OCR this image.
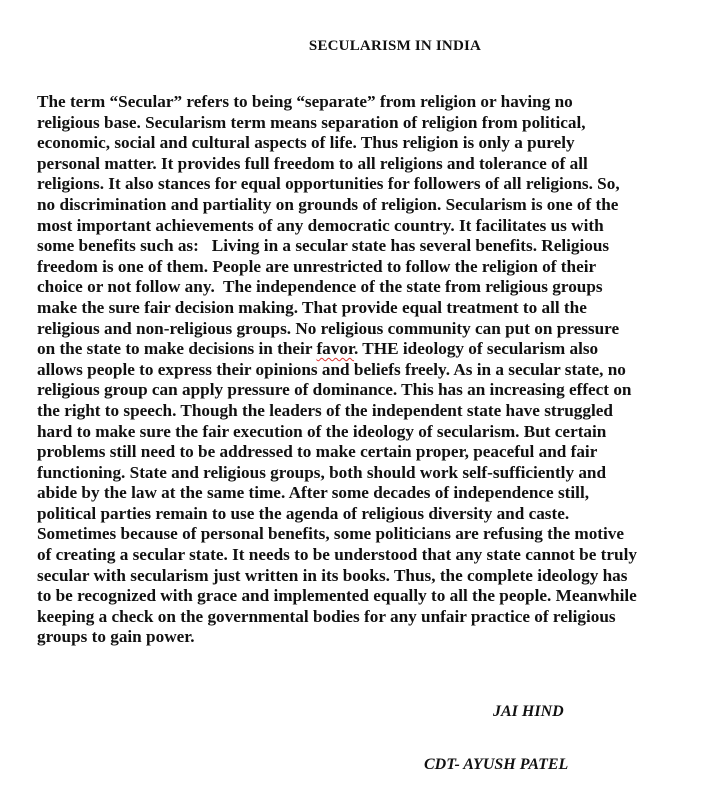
SECULARISM IN INDIA
The term “Secular” refers to being “separate” from religion or having no
religious base. Secularism term means separation of religion from political,
economic, social and cultural aspects of life. Thus religion is only a purely
personal matter. It provides full freedom to all religions and tolerance of all
religions. It also stances for equal opportunities for followers of all religions. So,
no discrimination and partiality on grounds of religion. Secularism is one of the
most important achievements of any democratic country. It facilitates us with
some benefits such as:   Living in a secular state has several benefits. Religious
freedom is one of them. People are unrestricted to follow the religion of their
choice or not follow any.  The independence of the state from religious groups
make the sure fair decision making. That provide equal treatment to all the
religious and non-religious groups. No religious community can put on pressure
on the state to make decisions in their favor. THE ideology of secularism also
allows people to express their opinions and beliefs freely. As in a secular state, no
religious group can apply pressure of dominance. This has an increasing effect on
the right to speech. Though the leaders of the independent state have struggled
hard to make sure the fair execution of the ideology of secularism. But certain
problems still need to be addressed to make certain proper, peaceful and fair
functioning. State and religious groups, both should work self-sufficiently and
abide by the law at the same time. After some decades of independence still,
political parties remain to use the agenda of religious diversity and caste.
Sometimes because of personal benefits, some politicians are refusing the motive
of creating a secular state. It needs to be understood that any state cannot be truly
secular with secularism just written in its books. Thus, the complete ideology has
to be recognized with grace and implemented equally to all the people. Meanwhile
keeping a check on the governmental bodies for any unfair practice of religious
groups to gain power.
JAI HIND
CDT- AYUSH PATEL
